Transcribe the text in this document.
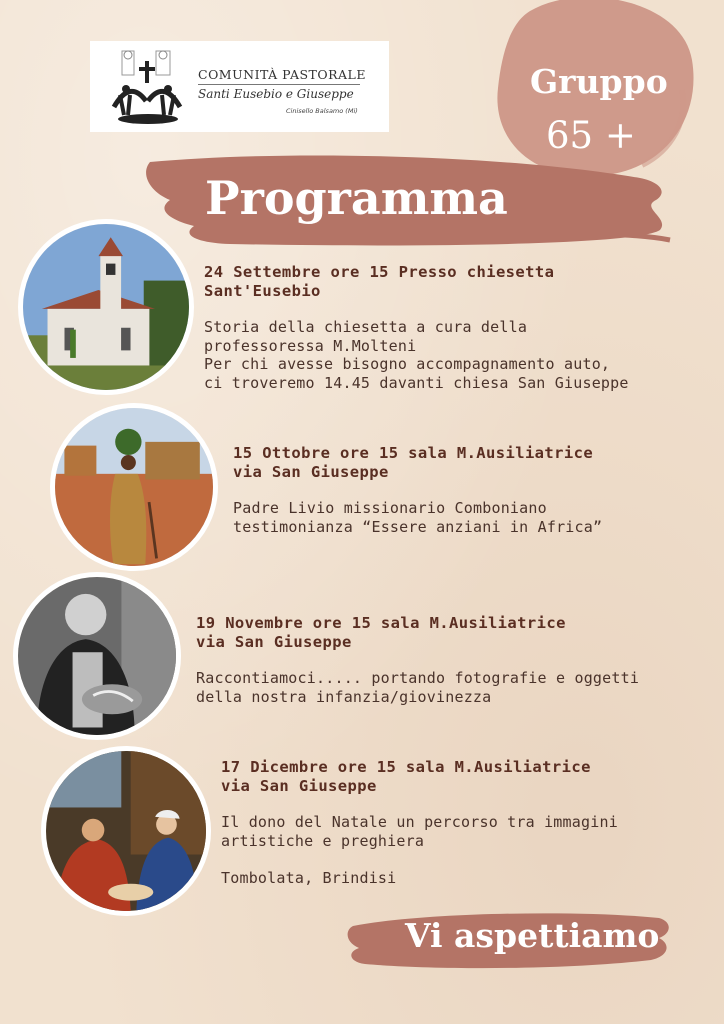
COMUNITÀ PASTORALE
Santi Eusebio e Giuseppe
Cinisello Balsamo (Mi)
Gruppo
65 +
Programma
24 Settembre ore 15 Presso chiesetta
Sant'Eusebio
Storia della chiesetta a cura della
professoressa M.Molteni
Per chi avesse bisogno accompagnamento auto,
ci troveremo 14.45 davanti chiesa San Giuseppe
15 Ottobre ore 15 sala M.Ausiliatrice
via San Giuseppe
Padre Livio missionario Comboniano
testimonianza “Essere anziani in Africa”
19 Novembre ore 15 sala M.Ausiliatrice
via San Giuseppe
Raccontiamoci..... portando fotografie e oggetti
della nostra infanzia/giovinezza
17 Dicembre ore 15 sala M.Ausiliatrice
via San Giuseppe
Il dono del Natale un percorso tra immagini
artistiche e preghiera

Tombolata, Brindisi
Vi aspettiamo
